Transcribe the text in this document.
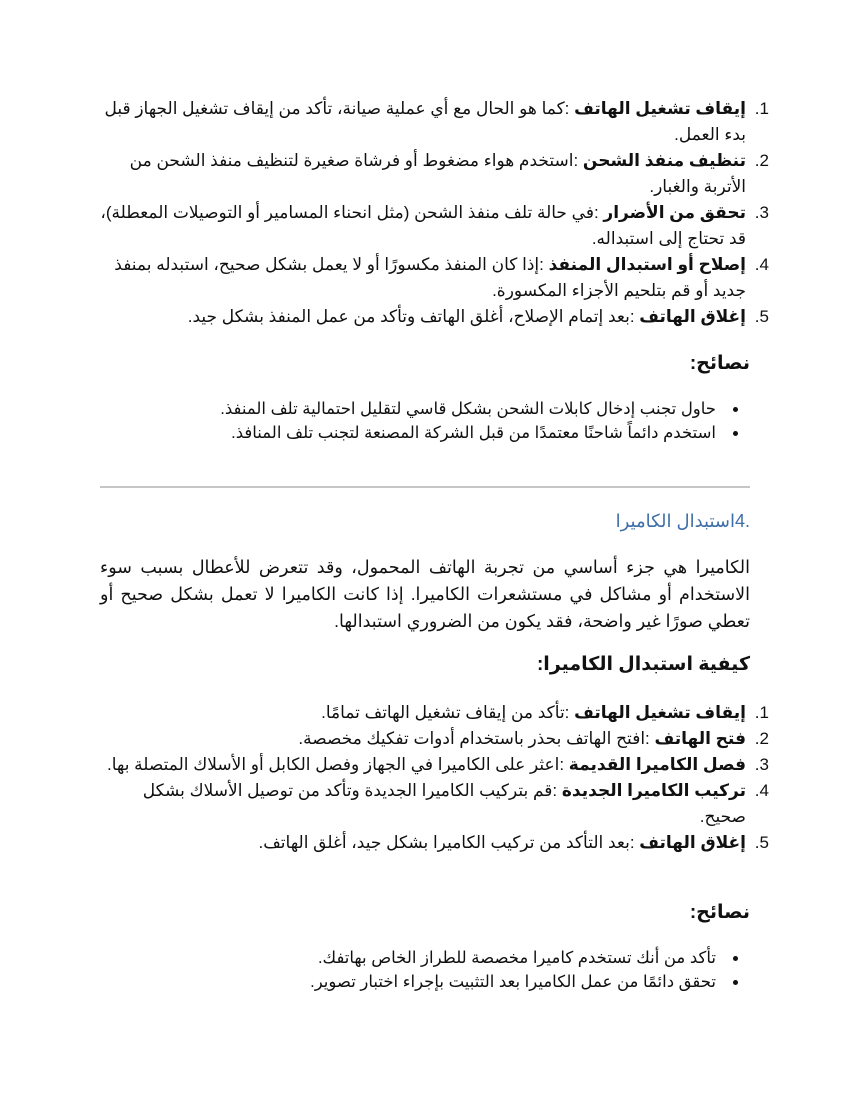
1. إيقاف تشغيل الهاتف :كما هو الحال مع أي عملية صيانة، تأكد من إيقاف تشغيل الجهاز قبل بدء العمل.
2. تنظيف منفذ الشحن :استخدم هواء مضغوط أو فرشاة صغيرة لتنظيف منفذ الشحن من الأتربة والغبار.
3. تحقق من الأضرار :في حالة تلف منفذ الشحن (مثل انحناء المسامير أو التوصيلات المعطلة)، قد تحتاج إلى استبداله.
4. إصلاح أو استبدال المنفذ :إذا كان المنفذ مكسورًا أو لا يعمل بشكل صحيح، استبدله بمنفذ جديد أو قم بتلحيم الأجزاء المكسورة.
5. إغلاق الهاتف :بعد إتمام الإصلاح، أغلق الهاتف وتأكد من عمل المنفذ بشكل جيد.
نصائح:
• حاول تجنب إدخال كابلات الشحن بشكل قاسي لتقليل احتمالية تلف المنفذ.
• استخدم دائماً شاحنًا معتمدًا من قبل الشركة المصنعة لتجنب تلف المنافذ.
.4استبدال الكاميرا
الكاميرا هي جزء أساسي من تجربة الهاتف المحمول، وقد تتعرض للأعطال بسبب سوء الاستخدام أو مشاكل في مستشعرات الكاميرا. إذا كانت الكاميرا لا تعمل بشكل صحيح أو تعطي صورًا غير واضحة، فقد يكون من الضروري استبدالها.
كيفية استبدال الكاميرا:
1. إيقاف تشغيل الهاتف :تأكد من إيقاف تشغيل الهاتف تمامًا.
2. فتح الهاتف :افتح الهاتف بحذر باستخدام أدوات تفكيك مخصصة.
3. فصل الكاميرا القديمة :اعثر على الكاميرا في الجهاز وفصل الكابل أو الأسلاك المتصلة بها.
4. تركيب الكاميرا الجديدة :قم بتركيب الكاميرا الجديدة وتأكد من توصيل الأسلاك بشكل صحيح.
5. إغلاق الهاتف :بعد التأكد من تركيب الكاميرا بشكل جيد، أغلق الهاتف.
نصائح:
• تأكد من أنك تستخدم كاميرا مخصصة للطراز الخاص بهاتفك.
• تحقق دائمًا من عمل الكاميرا بعد التثبيت بإجراء اختبار تصوير.
